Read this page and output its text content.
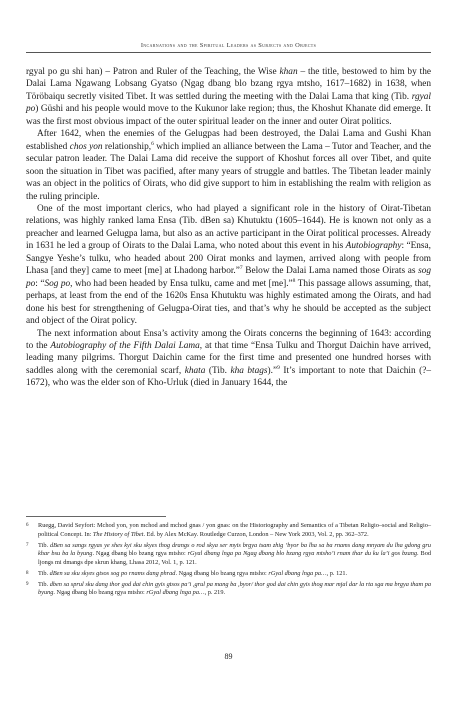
Incarnations and the Spiritual Leaders as Subjects and Objects

rgyal po gu shi han) – Patron and Ruler of the Teaching, the Wise khan – the title, bestowed to him by the Dalai Lama Ngawang Lobsang Gyatso (Ngag dbang blo bzang rgya mtsho, 1617–1682) in 1638, when Töröbaiqu secretly visited Tibet. It was settled during the meeting with the Dalai Lama that king (Tib. rgyal po) Güshi and his people would move to the Kukunor lake region; thus, the Khoshut Khanate did emerge. It was the first most obvious impact of the outer spiritual leader on the inner and outer Oirat politics.

After 1642, when the enemies of the Gelugpas had been destroyed, the Dalai Lama and Gushi Khan established chos yon relationship,$^6$ which implied an alliance between the Lama – Tutor and Teacher, and the secular patron leader. The Dalai Lama did receive the support of Khoshut forces all over Tibet, and quite soon the situation in Tibet was pacified, after many years of struggle and battles. The Tibetan leader mainly was an object in the politics of Oirats, who did give support to him in establishing the realm with religion as the ruling principle.

One of the most important clerics, who had played a significant role in the history of Oirat-Tibetan relations, was highly ranked lama Ensa (Tib. dBen sa) Khutuktu (1605–1644). He is known not only as a preacher and learned Gelugpa lama, but also as an active participant in the Oirat political processes. Already in 1631 he led a group of Oirats to the Dalai Lama, who noted about this event in his Autobiography: “Ensa, Sangye Yeshe’s tulku, who headed about 200 Oirat monks and laymen, arrived along with people from Lhasa [and they] came to meet [me] at Lhadong harbor.”$^7$ Below the Dalai Lama named those Oirats as sog po: “Sog po, who had been headed by Ensa tulku, came and met [me].”$^8$ This passage allows assuming, that, perhaps, at least from the end of the 1620s Ensa Khutuktu was highly estimated among the Oirats, and had done his best for strengthening of Gelugpa-Oirat ties, and that’s why he should be accepted as the subject and object of the Oirat policy.

The next information about Ensa’s activity among the Oirats concerns the beginning of 1643: according to the Autobiography of the Fifth Dalai Lama, at that time “Ensa Tulku and Thorgut Daichin have arrived, leading many pilgrims. Thorgut Daichin came for the first time and presented one hundred horses with saddles along with the ceremonial scarf, khata (Tib. kha btags).”$^9$ It’s important to note that Daichin (?–1672), who was the elder son of Kho-Urluk (died in January 1644, the

6 Ruegg, David Seyfort: Mchod yon, yon mchod and mchod gnas / yon gnas: on the Historiography and Semantics of a Tibetan Religio–social and Religio–political Concept. In: The History of Tibet. Ed. by Alex McKay. Routledge Curzon, London – New York 2003, Vol. 2, pp. 362–372.
7 Tib. dBen sa sangs rgyas ye shes kyi sku skyes thog drangs o rod skya ser myis brgya tsam zhig ’byor ba lha sa ba rnams dang mnyam du lha gdong gru khar bsu ba la byung. Ngag dbang blo bzang rgya mtsho: rGyal dbang lnga pa Ngag dbang blo bzang rgya mtsho’i rnam thar du ku la’i gos bzang. Bod ljongs mi dmangs dpe skrun khang, Lhasa 2012, Vol. 1, p. 121.
8 Tib. dBen sa sku skyes gtsos sog po rnams dang phrad. Ngag dbang blo bzang rgya mtsho: rGyal dbang lnga pa…, p. 121.
9 Tib. dben sa sprul sku dang thor god dai chin gyis gtsos pa’i ,grul pa mang ba ,byor/ thor god dai chin gyis thog mar mjal dar la rta sga ma brgya tham pa byung. Ngag dbang blo bzang rgya mtsho: rGyal dbang lnga pa…, p. 219.
89
